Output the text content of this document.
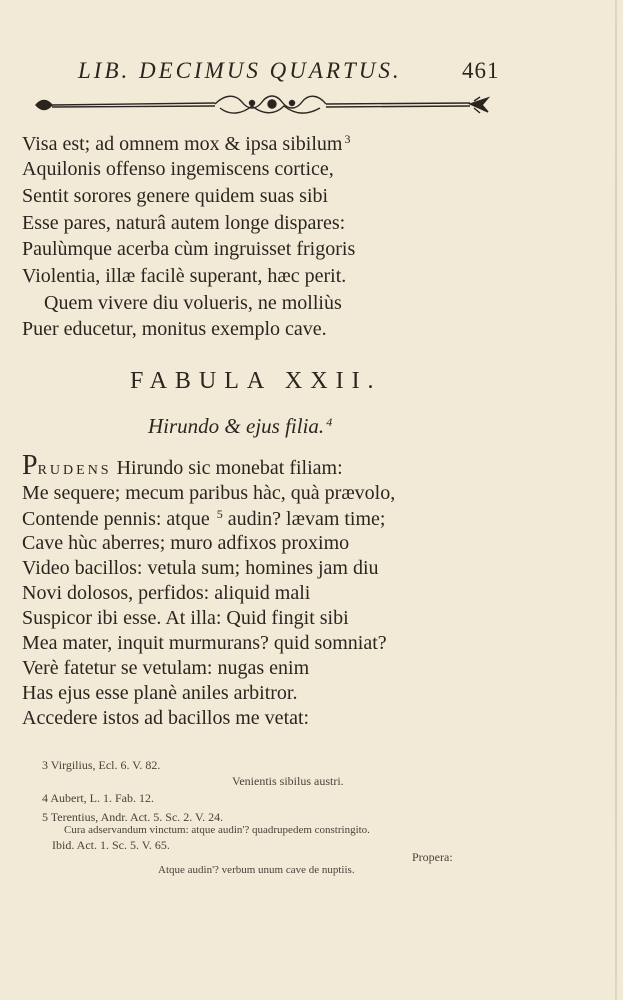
LIB. DECIMUS QUARTUS.	461
Visa est; ad omnem mox & ipsa sibilum $^3$
Aquilonis offenso ingemiscens cortice,
Sentit sorores genere quidem suas sibi
Esse pares, naturâ autem longe dispares:
Paulùmque acerba cùm ingruisset frigoris
Violentia, illæ facilè superant, hæc perit.
Quem vivere diu volueris, ne molliùs
Puer educetur, monitus exemplo cave.
FABULA XXII.
Hirundo & ejus filia. $^4$
PRUDENS Hirundo sic monebat filiam:
Me sequere; mecum paribus hàc, quà prævolo,
Contende pennis: atque $^5$ audin? lævam time;
Cave hùc aberres; muro adfixos proximo
Video bacillos: vetula sum; homines jam diu
Novi dolosos, perfidos: aliquid mali
Suspicor ibi esse. At illa: Quid fingit sibi
Mea mater, inquit murmurans? quid somniat?
Verè fatetur se vetulam: nugas enim
Has ejus esse planè aniles arbitror.
Accedere istos ad bacillos me vetat:
3 Virgilius, Ecl. 6. V. 82.
Venientis sibilus austri.
4 Aubert, L. 1. Fab. 12.
5 Terentius, Andr. Act. 5. Sc. 2. V. 24.
Cura adservandum vinctum: atque audin'? quadrupedem constringito.
Ibid. Act. 1. Sc. 5. V. 65.
Propera:
Atque audin'? verbum unum cave de nuptiis.
